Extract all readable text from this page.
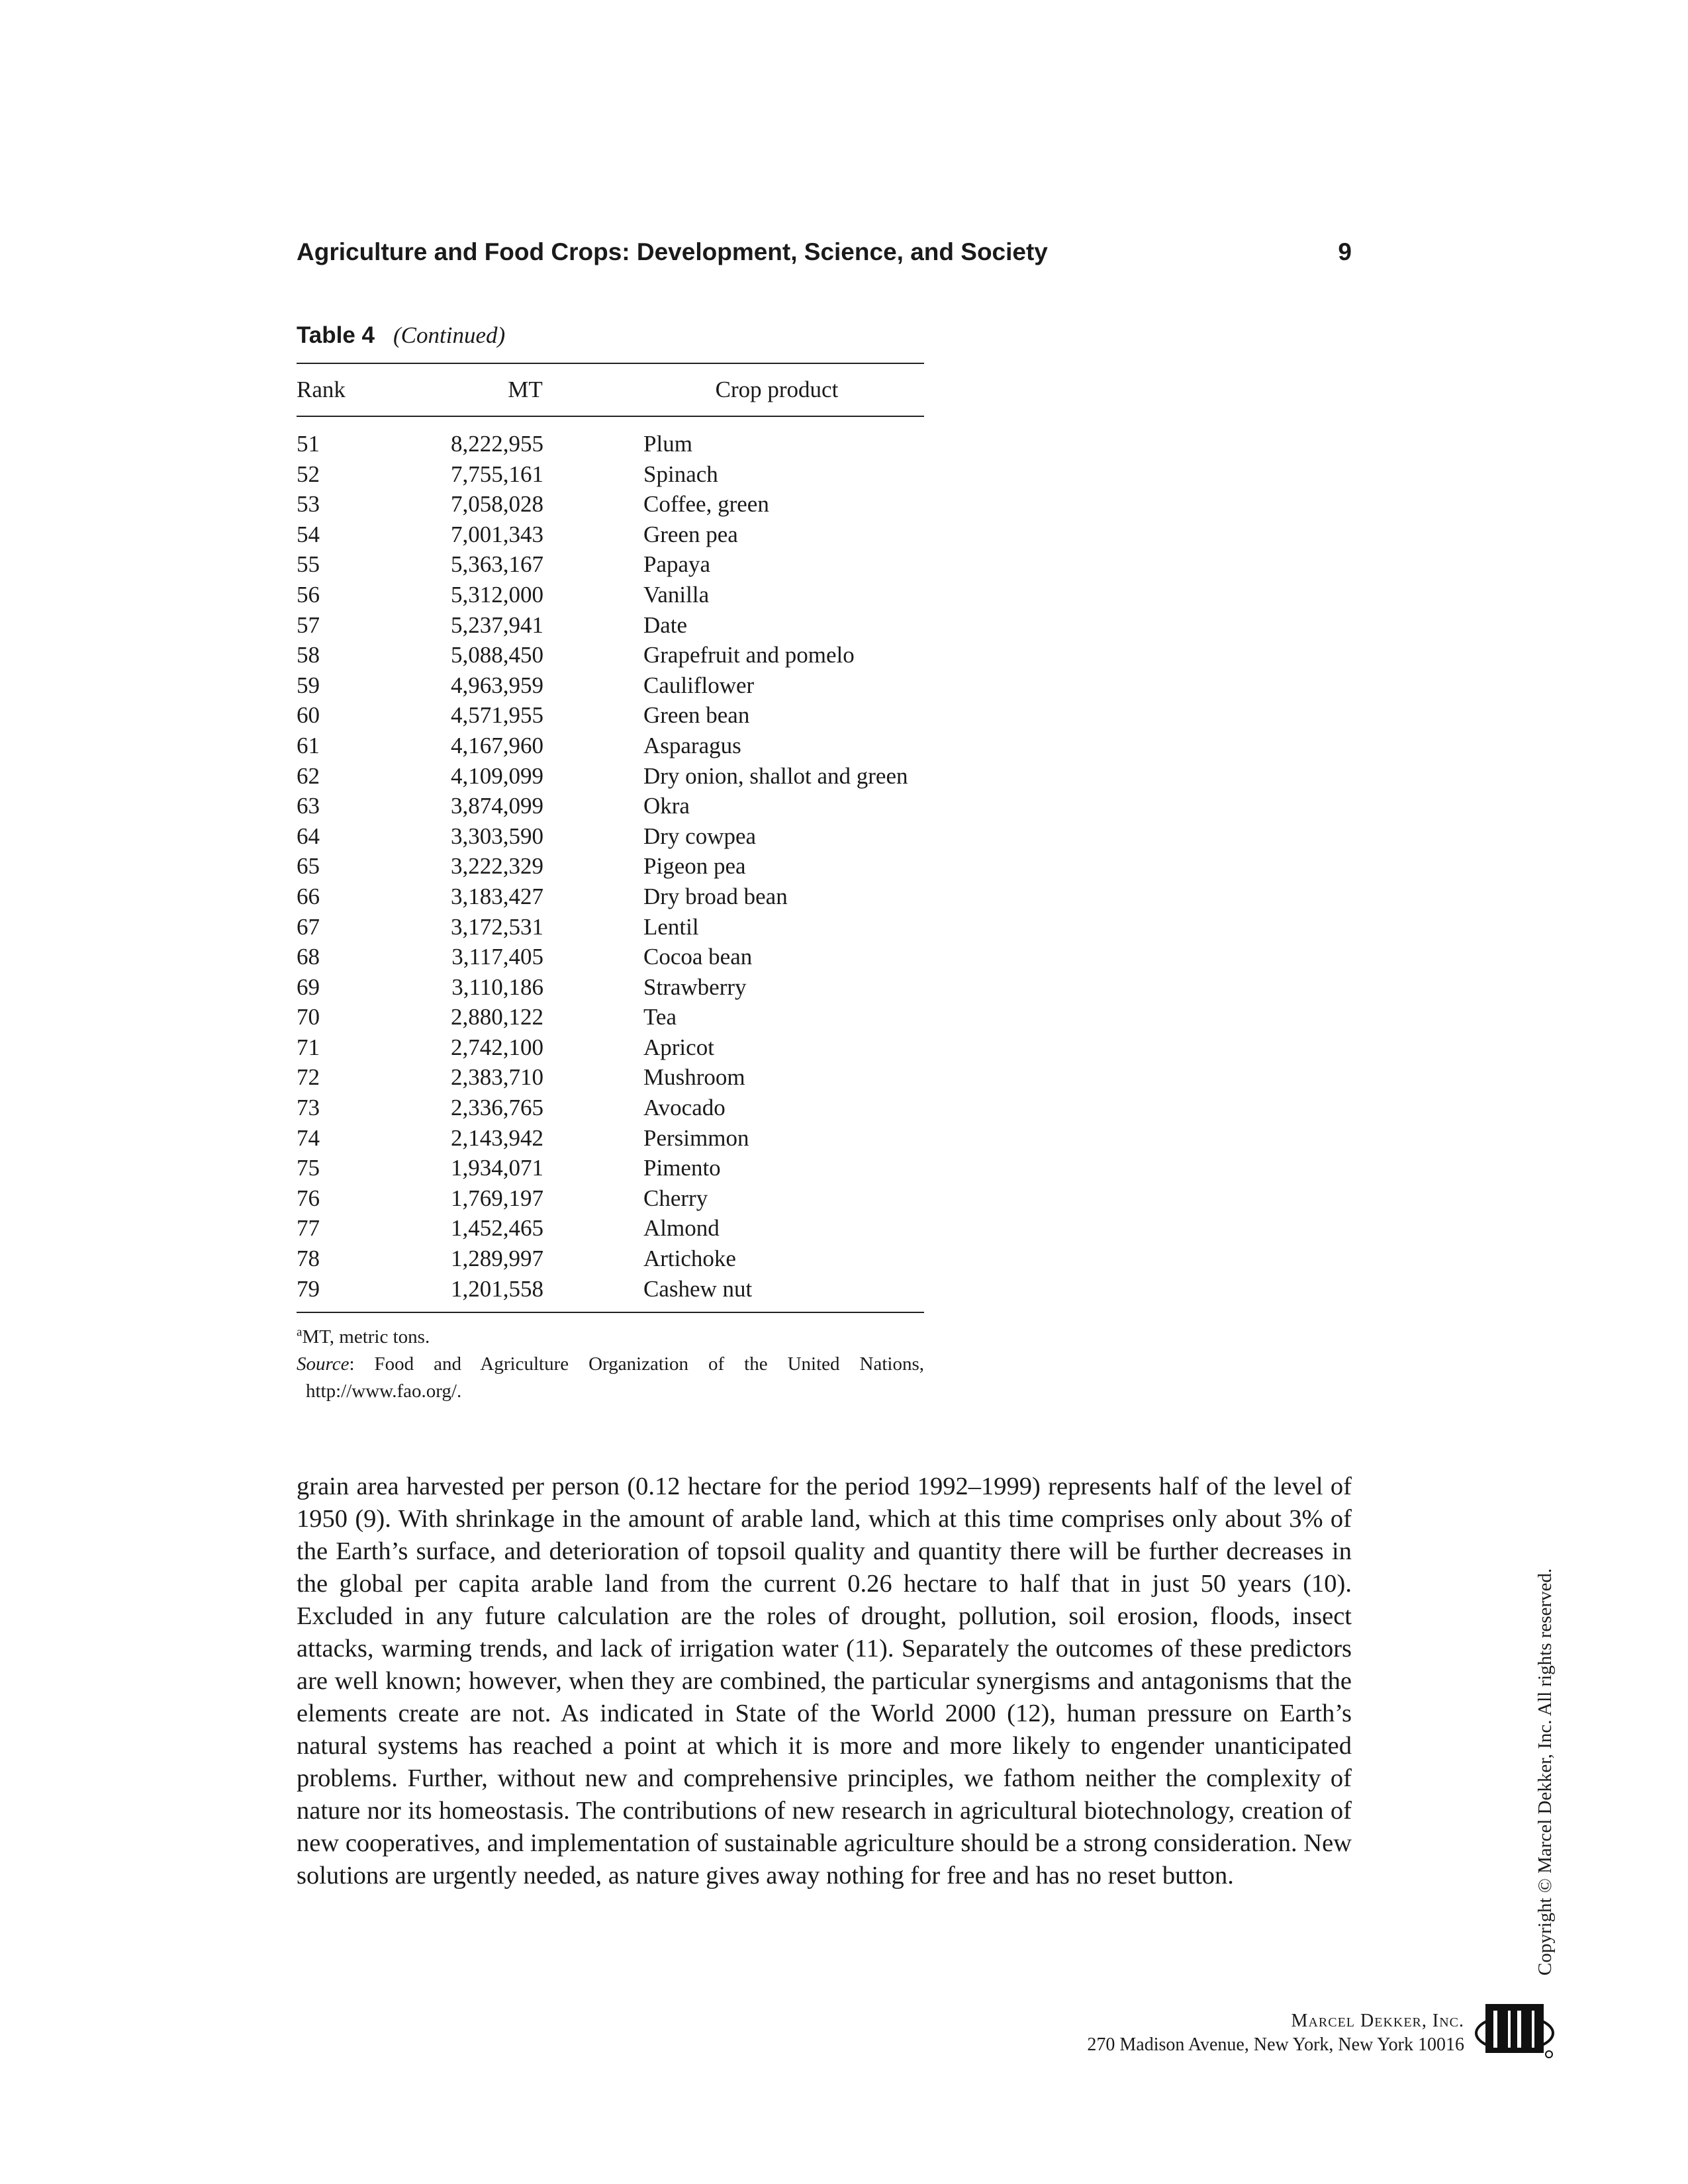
Agriculture and Food Crops: Development, Science, and Society	9
Table 4 (Continued)
Rank	MT	Crop product
51	8,222,955	Plum
52	7,755,161	Spinach
53	7,058,028	Coffee, green
54	7,001,343	Green pea
55	5,363,167	Papaya
56	5,312,000	Vanilla
57	5,237,941	Date
58	5,088,450	Grapefruit and pomelo
59	4,963,959	Cauliflower
60	4,571,955	Green bean
61	4,167,960	Asparagus
62	4,109,099	Dry onion, shallot and green
63	3,874,099	Okra
64	3,303,590	Dry cowpea
65	3,222,329	Pigeon pea
66	3,183,427	Dry broad bean
67	3,172,531	Lentil
68	3,117,405	Cocoa bean
69	3,110,186	Strawberry
70	2,880,122	Tea
71	2,742,100	Apricot
72	2,383,710	Mushroom
73	2,336,765	Avocado
74	2,143,942	Persimmon
75	1,934,071	Pimento
76	1,769,197	Cherry
77	1,452,465	Almond
78	1,289,997	Artichoke
79	1,201,558	Cashew nut
$^a$MT, metric tons.
Source: Food and Agriculture Organization of the United Nations,
http://www.fao.org/.
grain area harvested per person (0.12 hectare for the period 1992–1999) represents half of the level of 1950 (9). With shrinkage in the amount of arable land, which at this time comprises only about 3% of the Earth’s surface, and deterioration of topsoil quality and quantity there will be further decreases in the global per capita arable land from the current 0.26 hectare to half that in just 50 years (10). Excluded in any future calculation are the roles of drought, pollution, soil erosion, floods, insect attacks, warming trends, and lack of irrigation water (11). Separately the outcomes of these predictors are well known; however, when they are combined, the particular synergisms and antagonisms that the elements create are not. As indicated in State of the World 2000 (12), human pressure on Earth’s natural systems has reached a point at which it is more and more likely to engender unanticipated problems. Further, without new and comprehensive principles, we fathom neither the complexity of nature nor its homeostasis. The contributions of new research in agricultural biotechnology, creation of new cooperatives, and implementation of sustainable agriculture should be a strong consideration. New solutions are urgently needed, as nature gives away nothing for free and has no reset button.	Copyright © Marcel Dekker, Inc. All rights reserved.
Marcel Dekker, Inc.
270 Madison Avenue, New York, New York 10016
